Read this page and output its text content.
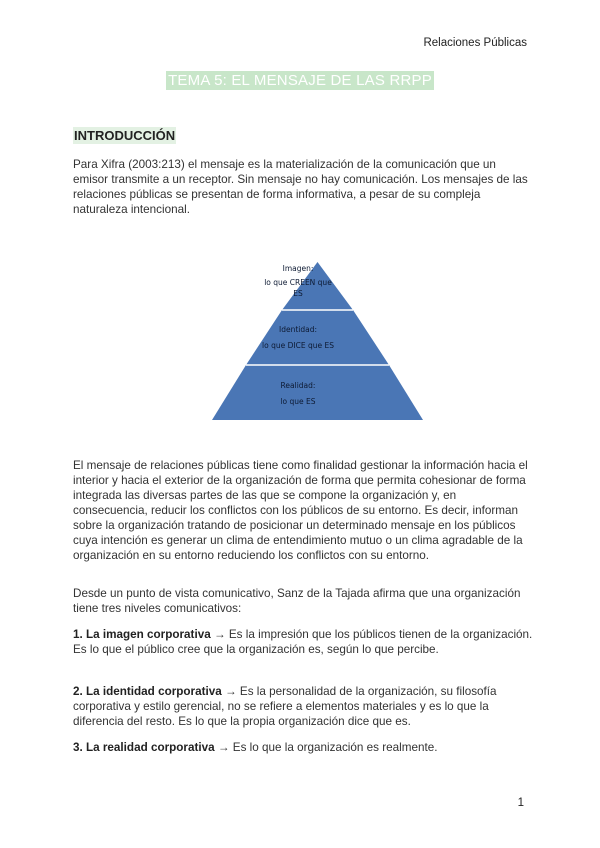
Relaciones Públicas
TEMA 5: EL MENSAJE DE LAS RRPP
INTRODUCCIÓN

Para Xifra (2003:213) el mensaje es la materialización de la comunicación que un emisor transmite a un receptor. Sin mensaje no hay comunicación. Los mensajes de las relaciones públicas se presentan de forma informativa, a pesar de su compleja naturaleza intencional.

Imagen:
lo que CREEN que
ES
Identidad:
lo que DICE que ES
Realidad:
lo que ES

El mensaje de relaciones públicas tiene como finalidad gestionar la información hacia el interior y hacia el exterior de la organización de forma que permita cohesionar de forma integrada las diversas partes de las que se compone la organización y, en consecuencia, reducir los conflictos con los públicos de su entorno. Es decir, informan sobre la organización tratando de posicionar un determinado mensaje en los públicos cuya intención es generar un clima de entendimiento mutuo o un clima agradable de la organización en su entorno reduciendo los conflictos con su entorno.

Desde un punto de vista comunicativo, Sanz de la Tajada afirma que una organización tiene tres niveles comunicativos:

1. La imagen corporativa → Es la impresión que los públicos tienen de la organización. Es lo que el público cree que la organización es, según lo que percibe.

2. La identidad corporativa → Es la personalidad de la organización, su filosofía corporativa y estilo gerencial, no se refiere a elementos materiales y es lo que la diferencia del resto. Es lo que la propia organización dice que es.

3. La realidad corporativa → Es lo que la organización es realmente.

1
